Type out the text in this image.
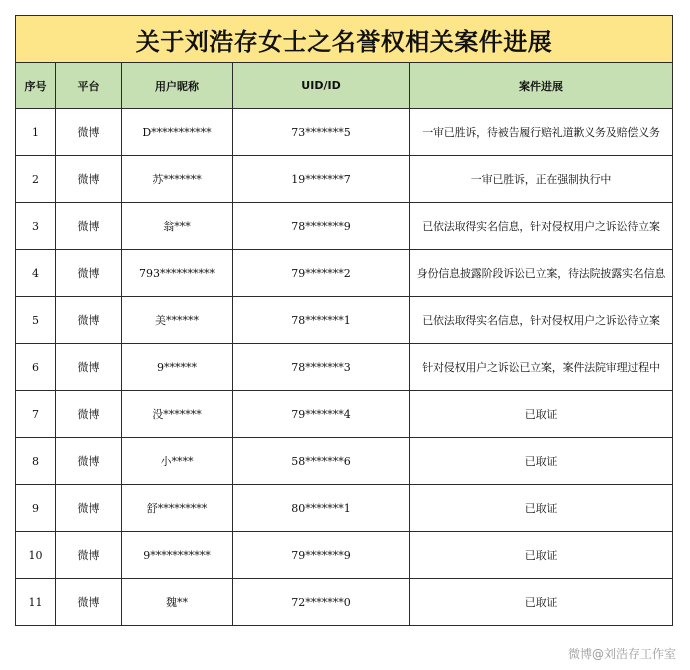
关于刘浩存女士之名誉权相关案件进展				
序号	平台	用户昵称	UID/ID	案件进展
1	微博	D***********	73*******5	一审已胜诉，待被告履行赔礼道歉义务及赔偿义务
2	微博	苏*******	19*******7	一审已胜诉，正在强制执行中
3	微博	翁***	78*******9	已依法取得实名信息，针对侵权用户之诉讼待立案
4	微博	793**********	79*******2	身份信息披露阶段诉讼已立案，待法院披露实名信息
5	微博	美******	78*******1	已依法取得实名信息，针对侵权用户之诉讼待立案
6	微博	9******	78*******3	针对侵权用户之诉讼已立案，案件法院审理过程中
7	微博	没*******	79*******4	已取证
8	微博	小****	58*******6	已取证
9	微博	舒*********	80*******1	已取证
10	微博	9***********	79*******9	已取证
11	微博	魏**	72*******0	已取证
微博@刘浩存工作室
